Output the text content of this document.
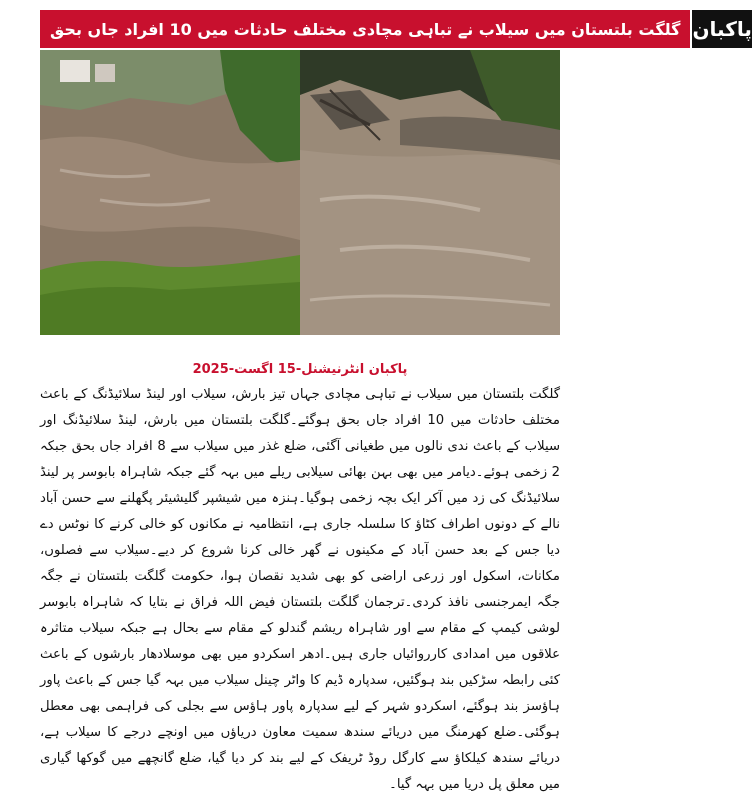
گلگت بلتستان میں سیلاب نے تباہی مچادی مختلف حادثات میں 10 افراد جاں بحق پاکبان
پاکبان انٹرنیشنل-15 اگست-2025
گلگت بلتستان میں سیلاب نے تباہی مچادی جہاں تیز بارش، سیلاب اور لینڈ سلائیڈنگ کے باعث مختلف حادثات میں 10 افراد جاں بحق ہوگئے۔گلگت بلتستان میں بارش، لینڈ سلائیڈنگ اور سیلاب کے باعث ندی نالوں میں طغیانی آگئی، ضلع غذر میں سیلاب سے 8 افراد جاں بحق جبکہ 2 زخمی ہوئے۔دیامر میں بھی بہن بھائی سیلابی ریلے میں بہہ گئے جبکہ شاہراہ بابوسر پر لینڈ سلائیڈنگ کی زد میں آکر ایک بچہ زخمی ہوگیا۔ہنزہ میں شیشپر گلیشیئر پگھلنے سے حسن آباد نالے کے دونوں اطراف کٹاؤ کا سلسلہ جاری ہے، انتظامیہ نے مکانوں کو خالی کرنے کا نوٹس دے دیا جس کے بعد حسن آباد کے مکینوں نے گھر خالی کرنا شروع کر دیے۔سیلاب سے فصلوں، مکانات، اسکول اور زرعی اراضی کو بھی شدید نقصان ہوا، حکومت گلگت بلتستان نے جگہ جگہ ایمرجنسی نافذ کردی۔ترجمان گلگت بلتستان فیض اللہ فراق نے بتایا کہ شاہراہ بابوسر لوشی کیمپ کے مقام سے اور شاہراہ ریشم گندلو کے مقام سے بحال ہے جبکہ سیلاب متاثرہ علاقوں میں امدادی کارروائیاں جاری ہیں۔ادھر اسکردو میں بھی موسلادھار بارشوں کے باعث کئی رابطہ سڑکیں بند ہوگئیں، سدپارہ ڈیم کا واٹر چینل سیلاب میں بہہ گیا جس کے باعث پاور ہاؤسز بند ہوگئے، اسکردو شہر کے لیے سدپارہ پاور ہاؤس سے بجلی کی فراہمی بھی معطل ہوگئی۔ضلع کھرمنگ میں دریائے سندھ سمیت معاون دریاؤں میں اونچے درجے کا سیلاب ہے، دریائے سندھ کیلکاؤ سے کارگل روڈ ٹریفک کے لیے بند کر دیا گیا، ضلع گانچھے میں گوکھا گیاری میں معلق پل دریا میں بہہ گیا۔
